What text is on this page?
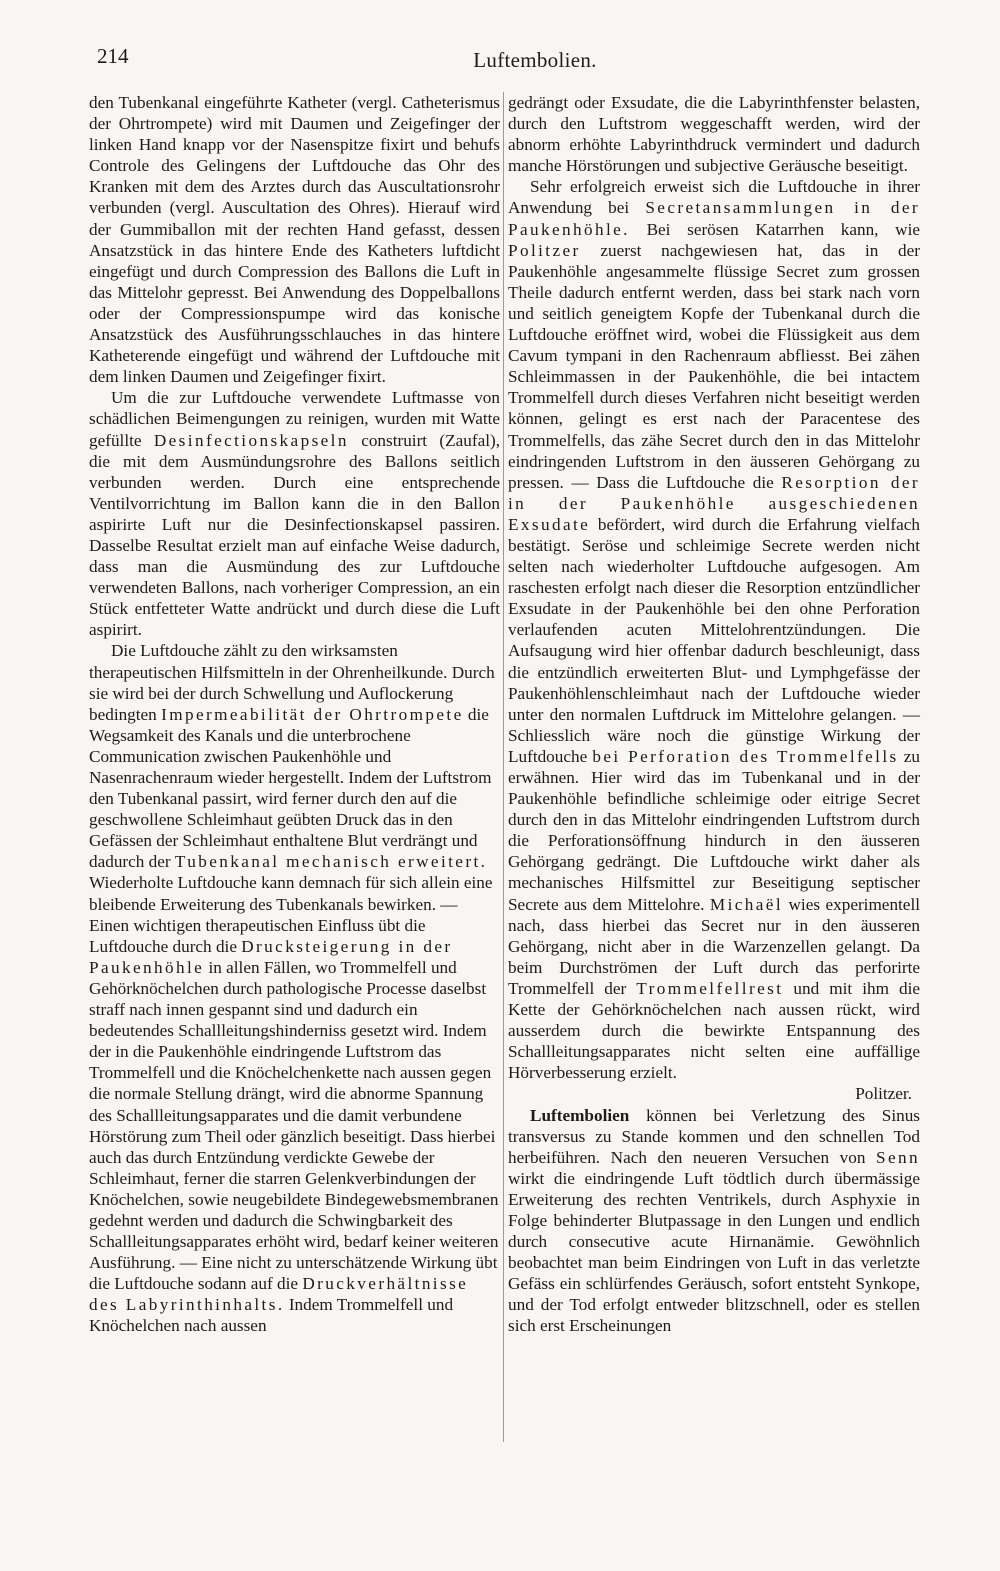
214	Luftembolien.

den Tubenkanal eingeführte Katheter (vergl. Catheterismus der Ohrtrompete) wird mit Daumen und Zeigefinger der linken Hand knapp vor der Nasenspitze fixirt und behufs Controle des Gelingens der Luftdouche das Ohr des Kranken mit dem des Arztes durch das Auscultationsrohr verbunden (vergl. Auscultation des Ohres). Hierauf wird der Gummiballon mit der rechten Hand gefasst, dessen Ansatzstück in das hintere Ende des Katheters luftdicht eingefügt und durch Compression des Ballons die Luft in das Mittelohr gepresst. Bei Anwendung des Doppelballons oder der Compressionspumpe wird das konische Ansatzstück des Ausführungsschlauches in das hintere Katheterende eingefügt und während der Luftdouche mit dem linken Daumen und Zeigefinger fixirt.

Um die zur Luftdouche verwendete Luftmasse von schädlichen Beimengungen zu reinigen, wurden mit Watte gefüllte Desinfectionskapseln construirt (Zaufal), die mit dem Ausmündungsrohre des Ballons seitlich verbunden werden. Durch eine entsprechende Ventilvorrichtung im Ballon kann die in den Ballon aspirirte Luft nur die Desinfectionskapsel passiren. Dasselbe Resultat erzielt man auf einfache Weise dadurch, dass man die Ausmündung des zur Luftdouche verwendeten Ballons, nach vorheriger Compression, an ein Stück entfetteter Watte andrückt und durch diese die Luft aspirirt.

Die Luftdouche zählt zu den wirksamsten therapeutischen Hilfsmitteln in der Ohrenheilkunde. Durch sie wird bei der durch Schwellung und Auflockerung bedingten Impermeabilität der Ohrtrompete die Wegsamkeit des Kanals und die unterbrochene Communication zwischen Paukenhöhle und Nasenrachenraum wieder hergestellt. Indem der Luftstrom den Tubenkanal passirt, wird ferner durch den auf die geschwollene Schleimhaut geübten Druck das in den Gefässen der Schleimhaut enthaltene Blut verdrängt und dadurch der Tubenkanal mechanisch erweitert. Wiederholte Luftdouche kann demnach für sich allein eine bleibende Erweiterung des Tubenkanals bewirken. — Einen wichtigen therapeutischen Einfluss übt die Luftdouche durch die Drucksteigerung in der Paukenhöhle in allen Fällen, wo Trommelfell und Gehörknöchelchen durch pathologische Processe daselbst straff nach innen gespannt sind und dadurch ein bedeutendes Schallleitungshinderniss gesetzt wird. Indem der in die Paukenhöhle eindringende Luftstrom das Trommelfell und die Knöchelchenkette nach aussen gegen die normale Stellung drängt, wird die abnorme Spannung des Schallleitungsapparates und die damit verbundene Hörstörung zum Theil oder gänzlich beseitigt. Dass hierbei auch das durch Entzündung verdickte Gewebe der Schleimhaut, ferner die starren Gelenkverbindungen der Knöchelchen, sowie neugebildete Bindegewebsmembranen gedehnt werden und dadurch die Schwingbarkeit des Schallleitungsapparates erhöht wird, bedarf keiner weiteren Ausführung. — Eine nicht zu unterschätzende Wirkung übt die Luftdouche sodann auf die Druckverhältnisse des Labyrinthinhalts. Indem Trommelfell und Knöchelchen nach aussen

gedrängt oder Exsudate, die die Labyrinthfenster belasten, durch den Luftstrom weggeschafft werden, wird der abnorm erhöhte Labyrinthdruck vermindert und dadurch manche Hörstörungen und subjective Geräusche beseitigt.

Sehr erfolgreich erweist sich die Luftdouche in ihrer Anwendung bei Secretansammlungen in der Paukenhöhle. Bei serösen Katarrhen kann, wie Politzer zuerst nachgewiesen hat, das in der Paukenhöhle angesammelte flüssige Secret zum grossen Theile dadurch entfernt werden, dass bei stark nach vorn und seitlich geneigtem Kopfe der Tubenkanal durch die Luftdouche eröffnet wird, wobei die Flüssigkeit aus dem Cavum tympani in den Rachenraum abfliesst. Bei zähen Schleimmassen in der Paukenhöhle, die bei intactem Trommelfell durch dieses Verfahren nicht beseitigt werden können, gelingt es erst nach der Paracentese des Trommelfells, das zähe Secret durch den in das Mittelohr eindringenden Luftstrom in den äusseren Gehörgang zu pressen. — Dass die Luftdouche die Resorption der in der Paukenhöhle ausgeschiedenen Exsudate befördert, wird durch die Erfahrung vielfach bestätigt. Seröse und schleimige Secrete werden nicht selten nach wiederholter Luftdouche aufgesogen. Am raschesten erfolgt nach dieser die Resorption entzündlicher Exsudate in der Paukenhöhle bei den ohne Perforation verlaufenden acuten Mittelohrentzündungen. Die Aufsaugung wird hier offenbar dadurch beschleunigt, dass die entzündlich erweiterten Blut- und Lymphgefässe der Paukenhöhlenschleimhaut nach der Luftdouche wieder unter den normalen Luftdruck im Mittelohre gelangen. — Schliesslich wäre noch die günstige Wirkung der Luftdouche bei Perforation des Trommelfells zu erwähnen. Hier wird das im Tubenkanal und in der Paukenhöhle befindliche schleimige oder eitrige Secret durch den in das Mittelohr eindringenden Luftstrom durch die Perforationsöffnung hindurch in den äusseren Gehörgang gedrängt. Die Luftdouche wirkt daher als mechanisches Hilfsmittel zur Beseitigung septischer Secrete aus dem Mittelohre. Michaël wies experimentell nach, dass hierbei das Secret nur in den äusseren Gehörgang, nicht aber in die Warzenzellen gelangt. Da beim Durchströmen der Luft durch das perforirte Trommelfell der Trommelfellrest und mit ihm die Kette der Gehörknöchelchen nach aussen rückt, wird ausserdem durch die bewirkte Entspannung des Schallleitungsapparates nicht selten eine auffällige Hörverbesserung erzielt.

Politzer.

Luftembolien können bei Verletzung des Sinus transversus zu Stande kommen und den schnellen Tod herbeiführen. Nach den neueren Versuchen von Senn wirkt die eindringende Luft tödtlich durch übermässige Erweiterung des rechten Ventrikels, durch Asphyxie in Folge behinderter Blutpassage in den Lungen und endlich durch consecutive acute Hirnanämie. Gewöhnlich beobachtet man beim Eindringen von Luft in das verletzte Gefäss ein schlürfendes Geräusch, sofort entsteht Synkope, und der Tod erfolgt entweder blitzschnell, oder es stellen sich erst Erscheinungen
